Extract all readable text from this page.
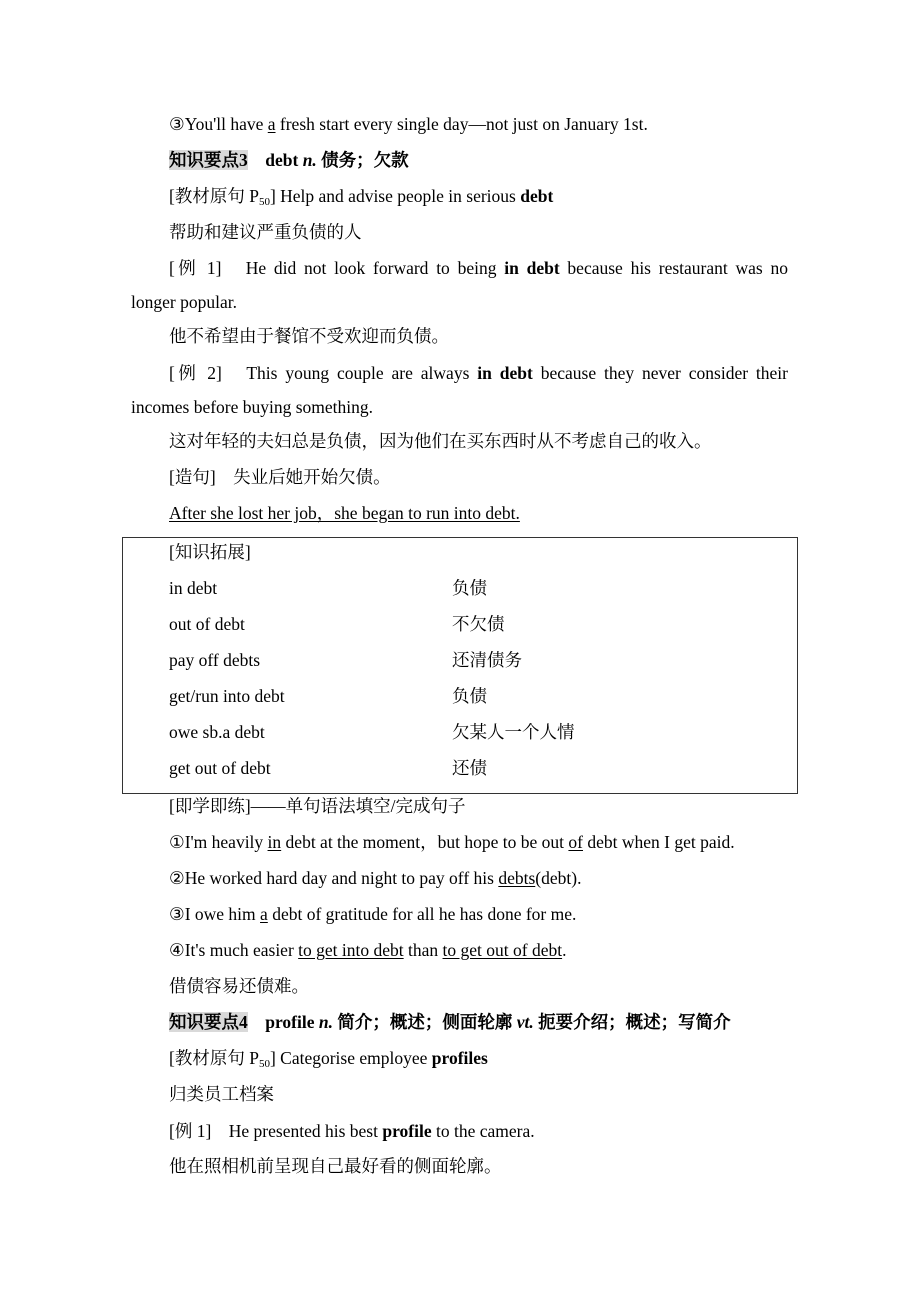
③You'll have a fresh start every single day—not just on January 1st.
知识要点3 debt n. 债务；欠款
[教材原句 $P_{50}$] Help and advise people in serious debt
帮助和建议严重负债的人
[例 1]　He did not look forward to being in debt because his restaurant was no
longer popular.
他不希望由于餐馆不受欢迎而负债。
[例 2]　This young couple are always in debt because they never consider their
incomes before buying something.
这对年轻的夫妇总是负债，因为他们在买东西时从不考虑自己的收入。
[造句]　失业后她开始欠债。
After she lost her job，she began to run into debt.
[即学即练]——单句语法填空/完成句子
①I'm heavily in debt at the moment，but hope to be out of debt when I get paid.
②He worked hard day and night to pay off his debts(debt).
③I owe him a debt of gratitude for all he has done for me.
④It's much easier to get into debt than to get out of debt.
借债容易还债难。
知识要点4 profile n. 简介；概述；侧面轮廓 vt. 扼要介绍；概述；写简介
[教材原句 $P_{50}$] Categorise employee profiles
归类员工档案
[例 1]　He presented his best profile to the camera.
他在照相机前呈现自己最好看的侧面轮廓。
[知识拓展]
in debt	负债
out of debt	不欠债
pay off debts	还清债务
get/run into debt	负债
owe sb.a debt	欠某人一个人情
get out of debt	还债
